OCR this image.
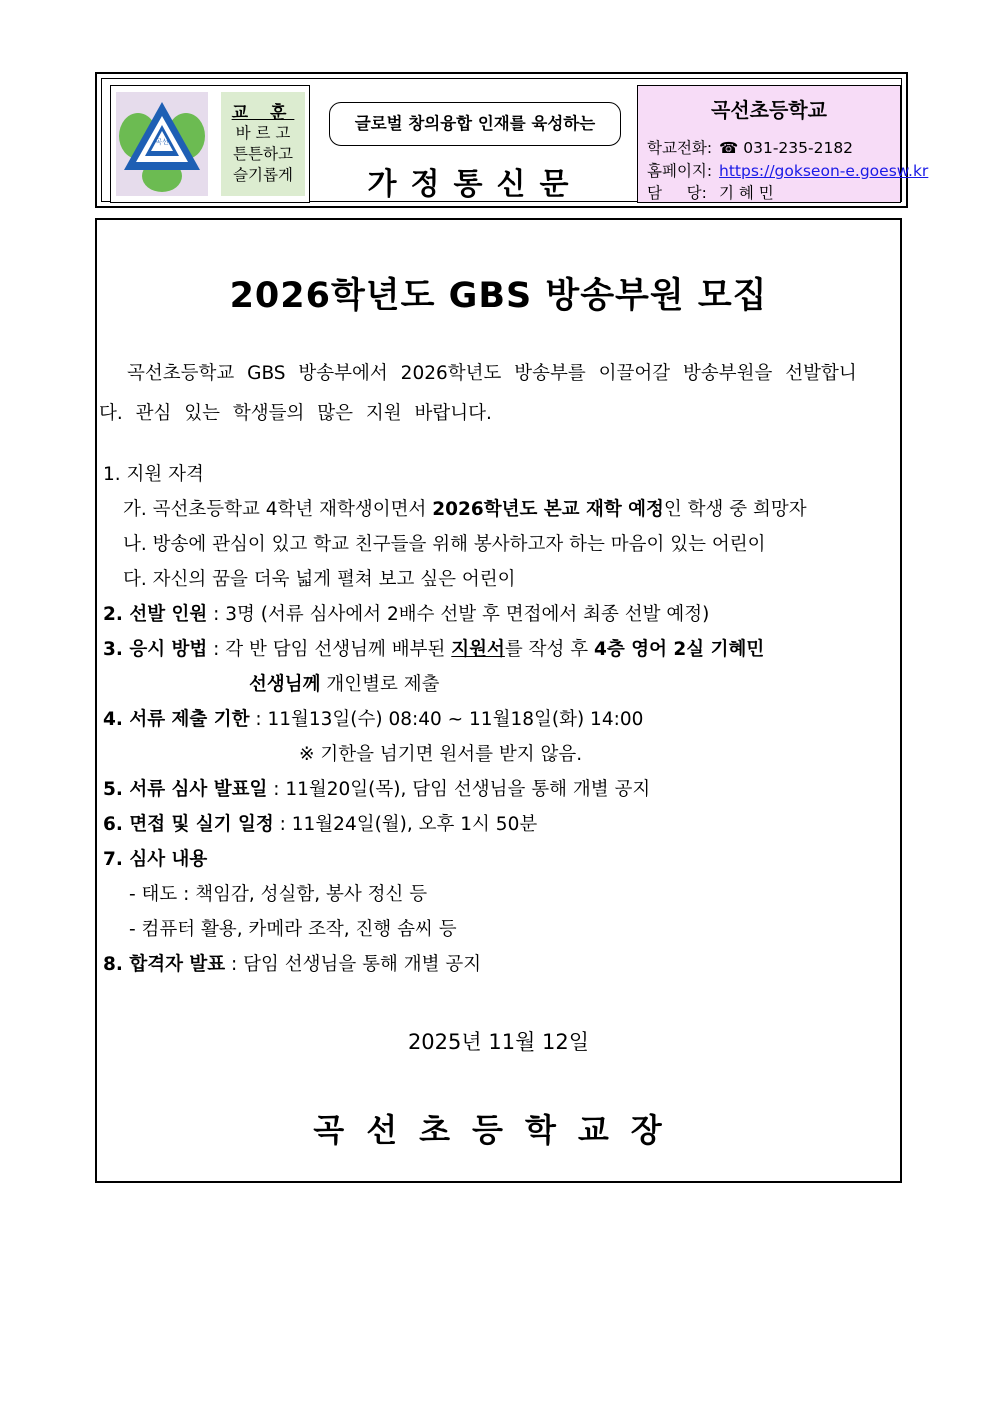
곡선
교 훈
바 르 고
튼튼하고
슬기롭게
글로벌 창의융합 인재를 육성하는
가정통신문
곡선초등학교
학교전화: ☎ 031-235-2182
홈페이지: https://gokseon-e.goesw.kr
담     당: 기 혜 민
2026학년도 GBS 방송부원 모집
곡선초등학교 GBS 방송부에서 2026학년도 방송부를 이끌어갈 방송부원을 선발합니
다. 관심 있는 학생들의 많은 지원 바랍니다.
1. 지원 자격
가. 곡선초등학교 4학년 재학생이면서 2026학년도 본교 재학 예정인 학생 중 희망자
나. 방송에 관심이 있고 학교 친구들을 위해 봉사하고자 하는 마음이 있는 어린이
다. 자신의 꿈을 더욱 넓게 펼쳐 보고 싶은 어린이
2. 선발 인원 : 3명 (서류 심사에서 2배수 선발 후 면접에서 최종 선발 예정)
3. 응시 방법 : 각 반 담임 선생님께 배부된 지원서를 작성 후 4층 영어 2실 기혜민
선생님께 개인별로 제출
4. 서류 제출 기한 : 11월13일(수) 08:40 ~ 11월18일(화) 14:00
※ 기한을 넘기면 원서를 받지 않음.
5. 서류 심사 발표일 : 11월20일(목), 담임 선생님을 통해 개별 공지
6. 면접 및 실기 일정 : 11월24일(월), 오후 1시 50분
7. 심사 내용
- 태도 : 책임감, 성실함, 봉사 정신 등
- 컴퓨터 활용, 카메라 조작, 진행 솜씨 등
8. 합격자 발표 : 담임 선생님을 통해 개별 공지
2025년 11월 12일
곡선초등학교장
